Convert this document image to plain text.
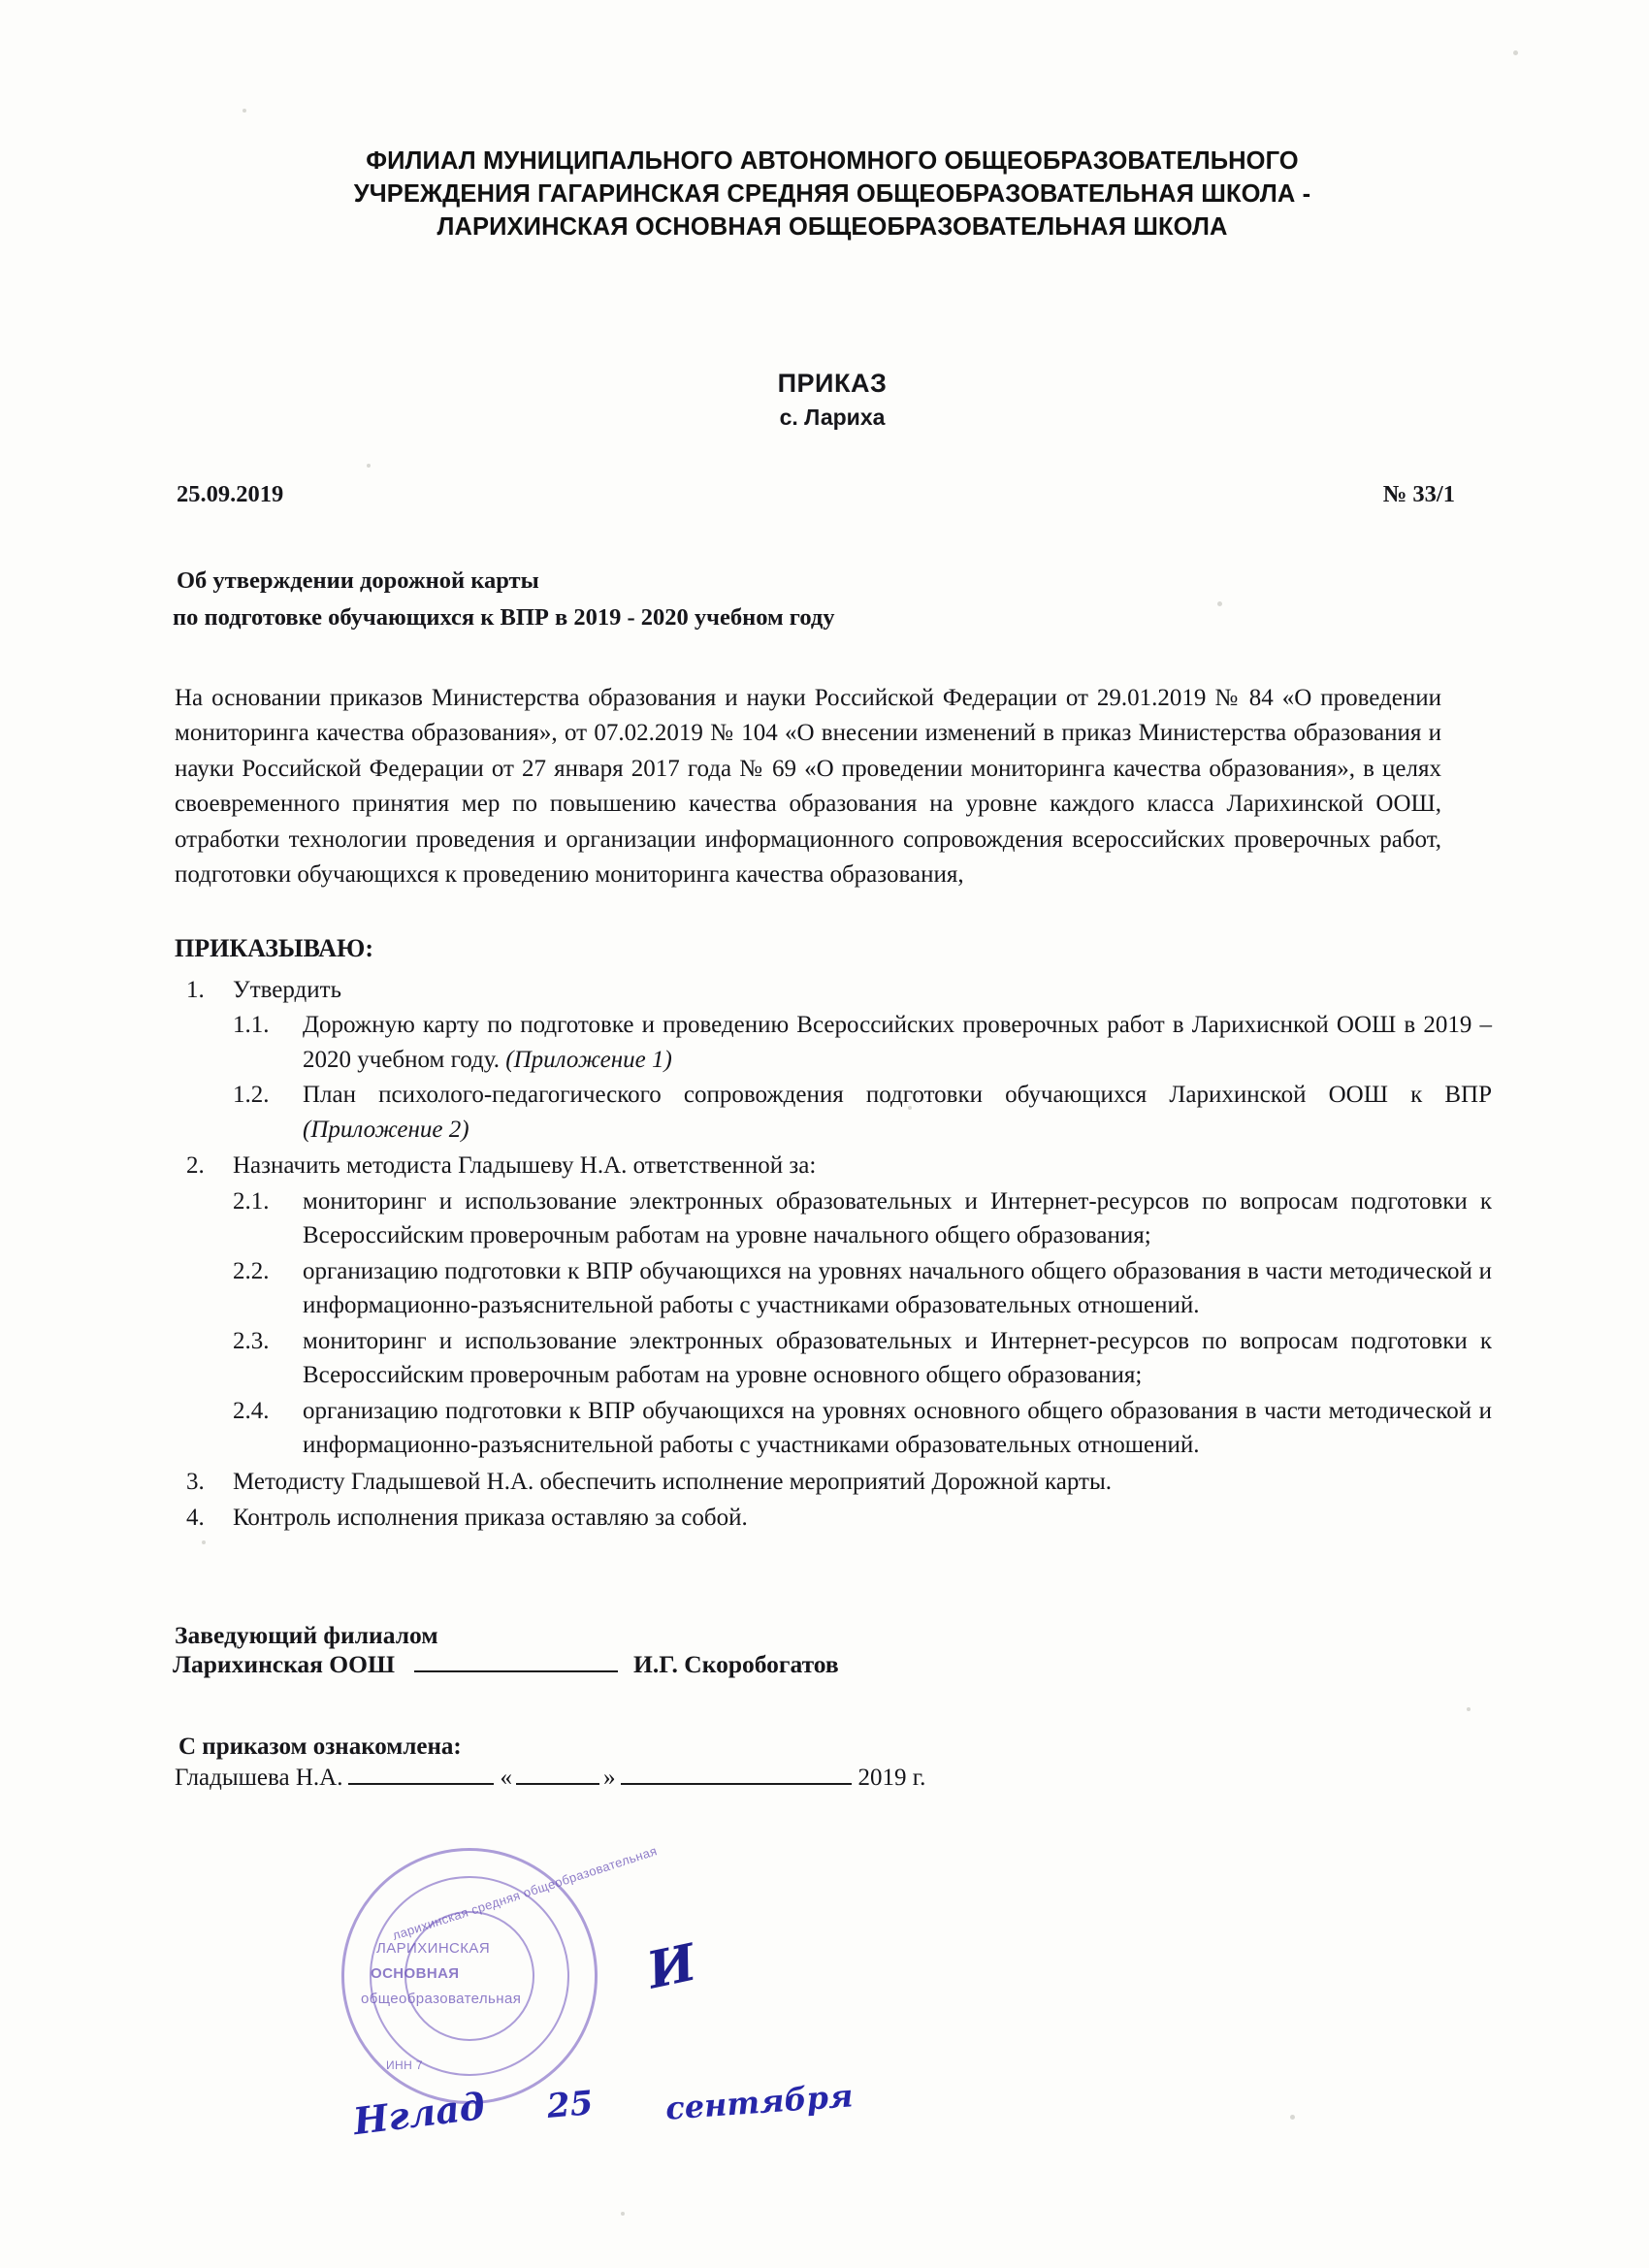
ФИЛИАЛ МУНИЦИПАЛЬНОГО АВТОНОМНОГО ОБЩЕОБРАЗОВАТЕЛЬНОГО
УЧРЕЖДЕНИЯ ГАГАРИНСКАЯ СРЕДНЯЯ ОБЩЕОБРАЗОВАТЕЛЬНАЯ ШКОЛА -
ЛАРИХИНСКАЯ ОСНОВНАЯ ОБЩЕОБРАЗОВАТЕЛЬНАЯ ШКОЛА
ПРИКАЗ
с. Лариха
25.09.2019	№ 33/1
Об утверждении дорожной карты
по подготовке обучающихся к ВПР в 2019 - 2020 учебном году
На основании приказов Министерства образования и науки Российской Федерации от 29.01.2019 № 84 «О проведении мониторинга качества образования», от 07.02.2019 № 104 «О внесении изменений в приказ Министерства образования и науки Российской Федерации от 27 января 2017 года № 69 «О проведении мониторинга качества образования», в целях своевременного принятия мер по повышению качества образования на уровне каждого класса Ларихинской ООШ, отработки технологии проведения и организации информационного сопровождения всероссийских проверочных работ, подготовки обучающихся к проведению мониторинга качества образования,
ПРИКАЗЫВАЮ:
1.	Утвердить
1.1.	Дорожную карту по подготовке и проведению Всероссийских проверочных работ в Ларихиснкой ООШ в 2019 – 2020 учебном году. (Приложение 1)
1.2.	План психолого-педагогического сопровождения подготовки обучающихся Ларихинской ООШ к ВПР (Приложение 2)
2.	Назначить методиста Гладышеву Н.А. ответственной за:
2.1.	мониторинг и использование электронных образовательных и Интернет-ресурсов по вопросам подготовки к Всероссийским проверочным работам на уровне начального общего образования;
2.2.	организацию подготовки к ВПР обучающихся на уровнях начального общего образования в части методической и информационно-разъяснительной работы с участниками образовательных отношений.
2.3.	мониторинг и использование электронных образовательных и Интернет-ресурсов по вопросам подготовки к Всероссийским проверочным работам на уровне основного общего образования;
2.4.	организацию подготовки к ВПР обучающихся на уровнях основного общего образования в части методической и информационно-разъяснительной работы с участниками образовательных отношений.
3.	Методисту Гладышевой Н.А. обеспечить исполнение мероприятий Дорожной карты.
4.	Контроль исполнения приказа оставляю за собой.
Заведующий филиалом
Ларихинская ООШ	И.Г. Скоробогатов
С приказом ознакомлена:
Гладышева Н.А.	«	»	2019 г.
ларихинская средняя общеобразовательная
ЛАРИХИНСКАЯ
ОСНОВНАЯ
общеобразовательная
ИНН 7
И
Нглад 25 сентября
